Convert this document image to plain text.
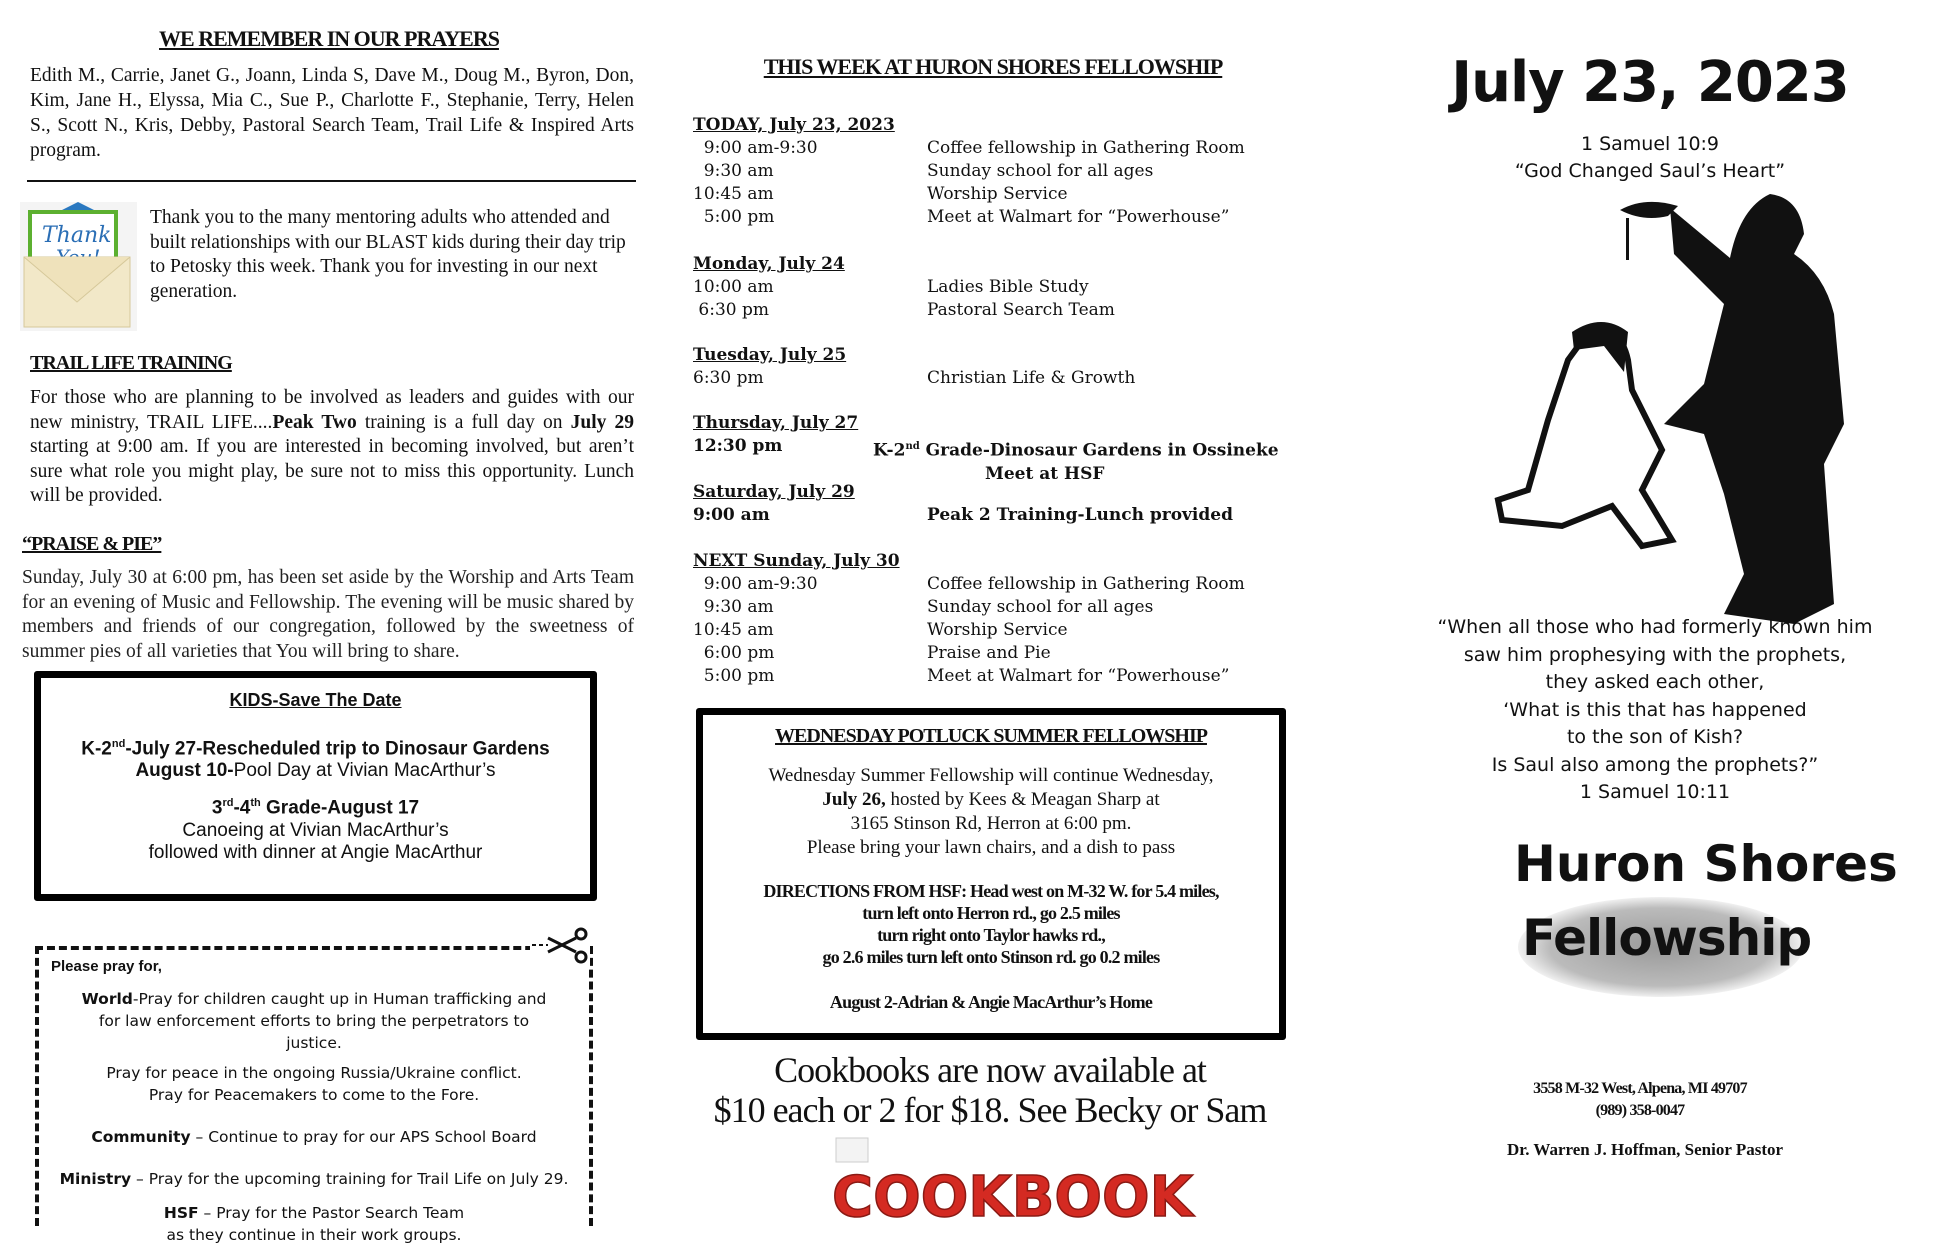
WE REMEMBER IN OUR PRAYERS
Edith M., Carrie, Janet G., Joann, Linda S, Dave M., Doug M., Byron, Don, Kim, Jane H., Elyssa, Mia C., Sue P., Charlotte F., Stephanie, Terry, Helen S., Scott N., Kris, Debby, Pastoral Search Team, Trail Life & Inspired Arts program.
Thank
Thank you to the many mentoring adults who attended and built relationships with our BLAST kids during their day trip to Petosky this week. Thank you for investing in our next generation.
TRAIL LIFE TRAINING
For those who are planning to be involved as leaders and guides with our new ministry, TRAIL LIFE....Peak Two training is a full day on July 29 starting at 9:00 am. If you are interested in becoming involved, but aren’t sure what role you might play, be sure not to miss this opportunity. Lunch will be provided.
“PRAISE & PIE”
Sunday, July 30 at 6:00 pm, has been set aside by the Worship and Arts Team for an evening of Music and Fellowship. The evening will be music shared by members and friends of our congregation, followed by the sweetness of summer pies of all varieties that You will bring to share.
KIDS-Save The Date
K-2nd-July 27-Rescheduled trip to Dinosaur Gardens
August 10-Pool Day at Vivian MacArthur’s
3rd-4th Grade-August 17
Canoeing at Vivian MacArthur’s
followed with dinner at Angie MacArthur
Please pray for,
World-Pray for children caught up in Human trafficking and for law enforcement efforts to bring the perpetrators to justice.
Pray for peace in the ongoing Russia/Ukraine conflict.
Pray for Peacemakers to come to the Fore.
Community – Continue to pray for our APS School Board
Ministry – Pray for the upcoming training for Trail Life on July 29.
HSF – Pray for the Pastor Search Team
as they continue in their work groups.
THIS WEEK AT HURON SHORES FELLOWSHIP
TODAY, July 23, 2023
9:00 am-9:30	Coffee fellowship in Gathering Room
9:30 am	Sunday school for all ages
10:45 am	Worship Service
5:00 pm	Meet at Walmart for “Powerhouse”
Monday, July 24
10:00 am	Ladies Bible Study
6:30 pm	Pastoral Search Team
Tuesday, July 25
6:30 pm	Christian Life & Growth
Thursday, July 27
12:30 pm	K-2nd Grade-Dinosaur Gardens in Ossineke
Meet at HSF
Saturday, July 29
9:00 am	Peak 2 Training-Lunch provided
NEXT Sunday, July 30
9:00 am-9:30	Coffee fellowship in Gathering Room
9:30 am	Sunday school for all ages
10:45 am	Worship Service
6:00 pm	Praise and Pie
5:00 pm	Meet at Walmart for “Powerhouse”
WEDNESDAY POTLUCK SUMMER FELLOWSHIP
Wednesday Summer Fellowship will continue Wednesday,
July 26, hosted by Kees & Meagan Sharp at
3165 Stinson Rd, Herron at 6:00 pm.
Please bring your lawn chairs, and a dish to pass
DIRECTIONS FROM HSF: Head west on M-32 W. for 5.4 miles,
turn left onto Herron rd., go 2.5 miles
turn right onto Taylor hawks rd.,
go 2.6 miles turn left onto Stinson rd. go 0.2 miles
August 2-Adrian & Angie MacArthur’s Home
Cookbooks are now available at
$10 each or 2 for $18. See Becky or Sam
COOKBOOK
July 23, 2023
1 Samuel 10:9
“God Changed Saul’s Heart”
“When all those who had formerly known him
saw him prophesying with the prophets,
they asked each other,
‘What is this that has happened
to the son of Kish?
Is Saul also among the prophets?”
1 Samuel 10:11
Huron Shores
Fellowship
3558 M-32 West, Alpena, MI 49707
(989) 358-0047
Dr. Warren J. Hoffman, Senior Pastor
